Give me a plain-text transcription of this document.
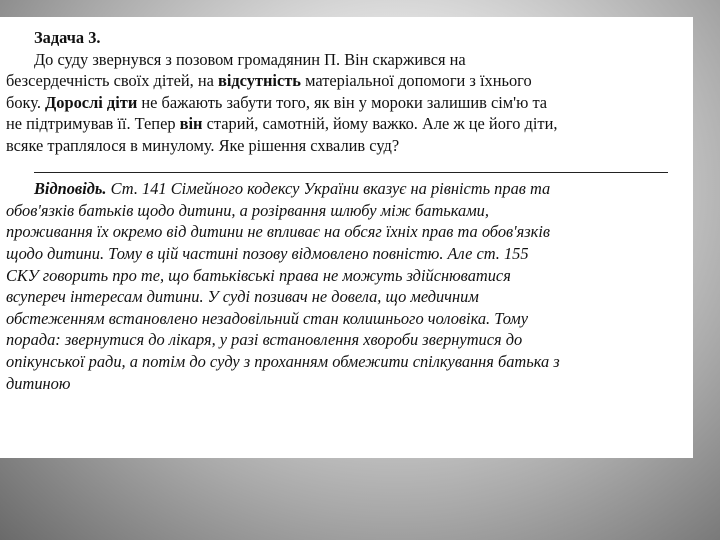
Задача 3.
До суду звернувся з позовом громадянин П. Він скаржився на
безсердечність своїх дітей, на відсутність матеріальної допомоги з їхнього
боку. Дорослі діти не бажають забути того, як він у мороки залишив сім'ю та
не підтримував її. Тепер він старий, самотній, йому важко. Але ж це його діти,
всяке траплялося в минулому. Яке рішення схвалив суд?
Відповідь. Ст. 141 Сімейного кодексу України вказує на рівність прав та
обов'язків батьків щодо дитини, а розірвання шлюбу між батьками,
проживання їх окремо від дитини не впливає на обсяг їхніх прав та обов'язків
щодо дитини. Тому в цій частині позову відмовлено повністю. Але ст. 155
СКУ говорить про те, що батьківські права не можуть здійснюватися
всупереч інтересам дитини. У суді позивач не довела, що медичним
обстеженням встановлено незадовільний стан колишнього чоловіка. Тому
порада: звернутися до лікаря, у разі встановлення хвороби звернутися до
опікунської ради, а потім до суду з проханням обмежити спілкування батька з
дитиною
